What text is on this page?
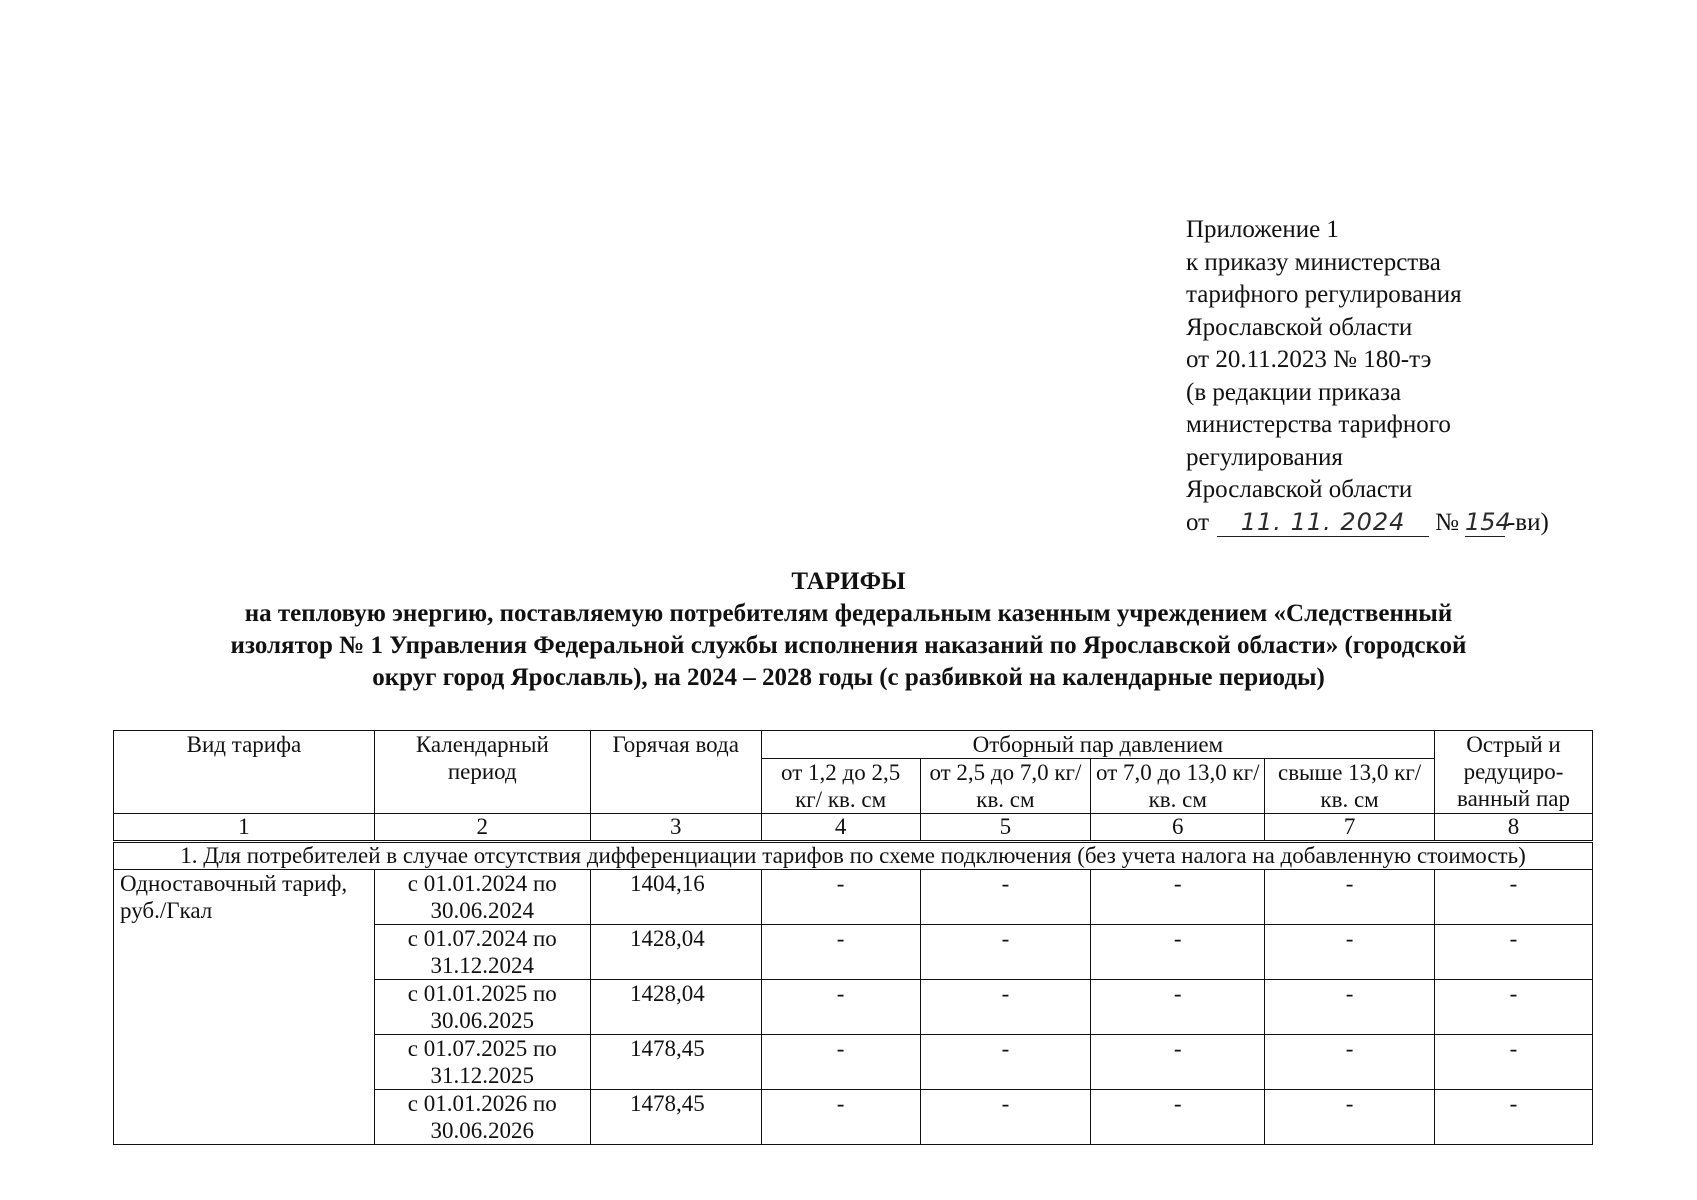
Приложение 1
к приказу министерства
тарифного регулирования
Ярославской области
от 20.11.2023 № 180-тэ
(в редакции приказа
министерства тарифного
регулирования
Ярославской области
от	11. 11. 2024	№ 154
-ви)
ТАРИФЫ
на тепловую энергию, поставляемую потребителям федеральным казенным учреждением «Следственный
изолятор № 1 Управления Федеральной службы исполнения наказаний по Ярославской области» (городской
округ город Ярославль), на 2024 – 2028 годы (с разбивкой на календарные периоды)
Вид тарифа	Календарный период	Горячая вода	Отборный пар давлением				Острый и редуциро-ванный пар
			от 1,2 до 2,5 кг/ кв. см	от 2,5 до 7,0 кг/ кв. см	от 7,0 до 13,0 кг/ кв. см	свыше 13,0 кг/ кв. см	
1	2	3	4	5	6	7	8
1. Для потребителей в случае отсутствия дифференциации тарифов по схеме подключения (без учета налога на добавленную стоимость)							
Одноставочный тариф, руб./Гкал	с 01.01.2024 по 30.06.2024	1404,16	-	-	-	-	-
	с 01.07.2024 по 31.12.2024	1428,04	-	-	-	-	-
	с 01.01.2025 по 30.06.2025	1428,04	-	-	-	-	-
	с 01.07.2025 по 31.12.2025	1478,45	-	-	-	-	-
	с 01.01.2026 по 30.06.2026	1478,45	-	-	-	-	-
